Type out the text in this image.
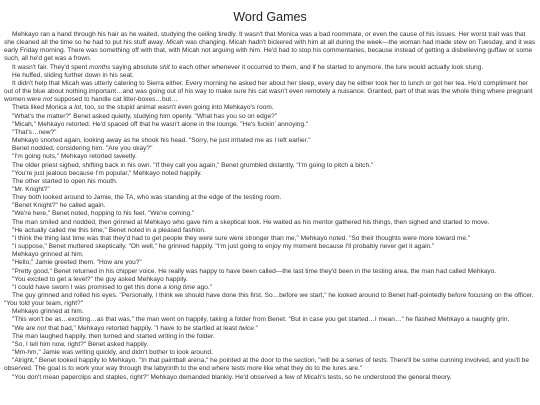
Word Games

Mehkayo ran a hand through his hair as he waited, studying the ceiling tiredly. It wasn't that Monica was a bad roommate, or even the cause of his issues. Her worst trait was that she cleaned all the time so he had to put his stuff away. Micah was changing. Micah hadn't bickered with him at all during the week—the woman had made stew on Tuesday, and it was early Friday morning. There was something off with that, with Micah not arguing with him. He'd had to stop his commentaries, because instead of getting a disbelieving guffaw or some such, all he'd get was a frown.

It wasn't fair. They'd spent months saying absolute shit to each other whenever it occurred to them, and if he started to anymore, the lure would actually look stung.

He huffed, sliding further down in his seat.

It didn't help that Micah was utterly catering to Sierra either. Every morning he asked her about her sleep, every day he either took her to lunch or got her tea. He'd compliment her out of the blue about nothing important…and was going out of his way to make sure his cat wasn't even remotely a nuisance. Granted, part of that was the whole thing where pregnant women were not supposed to handle cat litter-boxes…but…

Theta liked Monica a lot, too, so the stupid animal wasn't even going into Mehkayo's room.

"What's the matter?" Benet asked quietly, studying him openly. "What has you so on edge?"

"Micah," Mehkayo retorted. He'd spaced off that he wasn't alone in the lounge. "He's fuckin' annoying."

"That's…new?"

Mehkayo snorted again, looking away as he shook his head. "Sorry, he just irritated me as I left earlier."

Benet nodded, considering him. "Are you okay?"

"I'm going nuts," Mehkayo retorted sweetly.

The older priest sighed, shifting back in his own. "If they call you again," Benet grumbled distantly, "I'm going to pitch a bitch."

"You're just jealous because I'm popular," Mehkayo noted happily.

The other started to open his mouth.

"Mr. Knight?"

They both looked around to Jamie, the TA, who was standing at the edge of the testing room.

"Benet Knight?" he called again.

"We're here," Benet noted, hopping to his feet. "We're coming."

The man smiled and nodded, then grinned at Mehkayo who gave him a skeptical look. He waited as his mentor gathered his things, then sighed and started to move.

"He actually called me this time," Benet noted in a pleased fashion.

"I think the thing last time was that they'd had to get people they were sure were stronger than me," Mehkayo noted. "So their thoughts were more toward me."

"I suppose," Benet muttered skeptically. "Oh well," he grinned happily. "I'm just going to enjoy my moment because I'll probably never get it again."

Mehkayo grinned at him.

"Hello," Jamie greeted them. "How are you?"

"Pretty good," Benet returned in his chipper voice. He really was happy to have been called—the last time they'd been in the testing area, the man had called Mehkayo.

"You excited to get a level?" the guy asked Mehkayo happily.

"I could have sworn I was promised to get this done a long time ago."

The guy grinned and rolled his eyes. "Personally, I think we should have done this first. So…before we start," he looked around to Benet half-pointedly before focusing on the officer. "You told your team, right?"

Mehkayo grinned at him.

"This won't be as…exciting…as that was," the man went on happily, taking a folder from Benet. "But in case you get started…I mean…" he flashed Mehkayo a naughty grin.

"We are not that bad," Mehkayo retorted happily. "I have to be startled at least twice."

The man laughed happily, then turned and started writing in the folder.

"So, I tell him now, right?" Benet asked happily.

"Mm-hm," Jamie was writing quickly, and didn't bother to look around.

"Alright," Benet looked happily to Mehkayo. "In that paintball arena," he pointed at the door to the section, "will be a series of tests. There'll be some cunning involved, and you'll be observed. The goal is to work your way through the labyrinth to the end where tests more like what they do to the lures are."

"You don't mean paperclips and staples, right?" Mehkayo demanded blankly. He'd observed a few of Micah's tests, so he understood the general theory.
